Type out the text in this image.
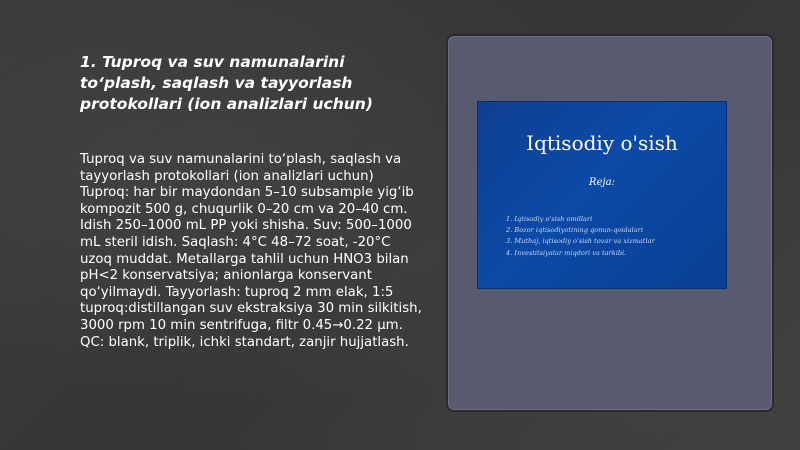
1. Tuproq va suv namunalarini to‘plash, saqlash va tayyorlash protokollari (ion analizlari uchun)

Tuproq va suv namunalarini to‘plash, saqlash va tayyorlash protokollari (ion analizlari uchun) Tuproq: har bir maydondan 5–10 subsample yig‘ib kompozit 500 g, chuqurlik 0–20 cm va 20–40 cm. Idish 250–1000 mL PP yoki shisha. Suv: 500–1000 mL steril idish. Saqlash: 4°C 48–72 soat, -20°C uzoq muddat. Metallarga tahlil uchun HNO3 bilan pH<2 konservatsiya; anionlarga konservant qo‘yilmaydi. Tayyorlash: tuproq 2 mm elak, 1:5 tuproq:distillangan suv ekstraksiya 30 min silkitish, 3000 rpm 10 min sentrifuga, filtr 0.45→0.22 µm. QC: blank, triplik, ichki standart, zanjir hujjatlash.

Iqtisodiy o'sish
Reja:
1. Iqtisodiy o'sish omillari
2. Bozor iqtisodiyotining qonun-qoidalari
3. Muthaj, iqtisodiy o'sish tovar va xizmatlar
4. Investitsiyalar miqdori va tarkibi.
